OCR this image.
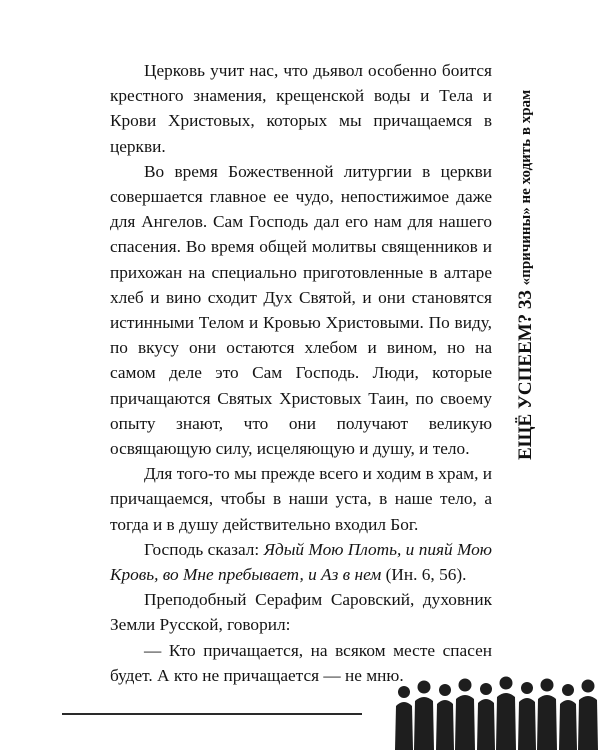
ЕЩЁ УСПЕЕМ? 33 «причины» не ходить в храм

Церковь учит нас, что дьявол особенно боится крестного знамения, крещенской воды и Тела и Крови Христовых, которых мы причащаемся в церкви.

Во время Божественной литургии в церкви совершается главное ее чудо, непостижимое даже для Ангелов. Сам Господь дал его нам для нашего спасения. Во время общей молитвы священников и прихожан на специально приготовленные в алтаре хлеб и вино сходит Дух Святой, и они становятся истинными Телом и Кровью Христовыми. По виду, по вкусу они остаются хлебом и вином, но на самом деле это Сам Господь. Люди, которые причащаются Святых Христовых Таин, по своему опыту знают, что они получают великую освящающую силу, исцеляющую и душу, и тело.

Для того-то мы прежде всего и ходим в храм, и причащаемся, чтобы в наши уста, в наше тело, а тогда и в душу действительно входил Бог.

Господь сказал: Ядый Мою Плоть, и пияй Мою Кровь, во Мне пребывает, и Аз в нем (Ин. 6, 56).

Преподобный Серафим Саровский, духовник Земли Русской, говорил:

— Кто причащается, на всяком месте спасен будет. А кто не причащается — не мню.
